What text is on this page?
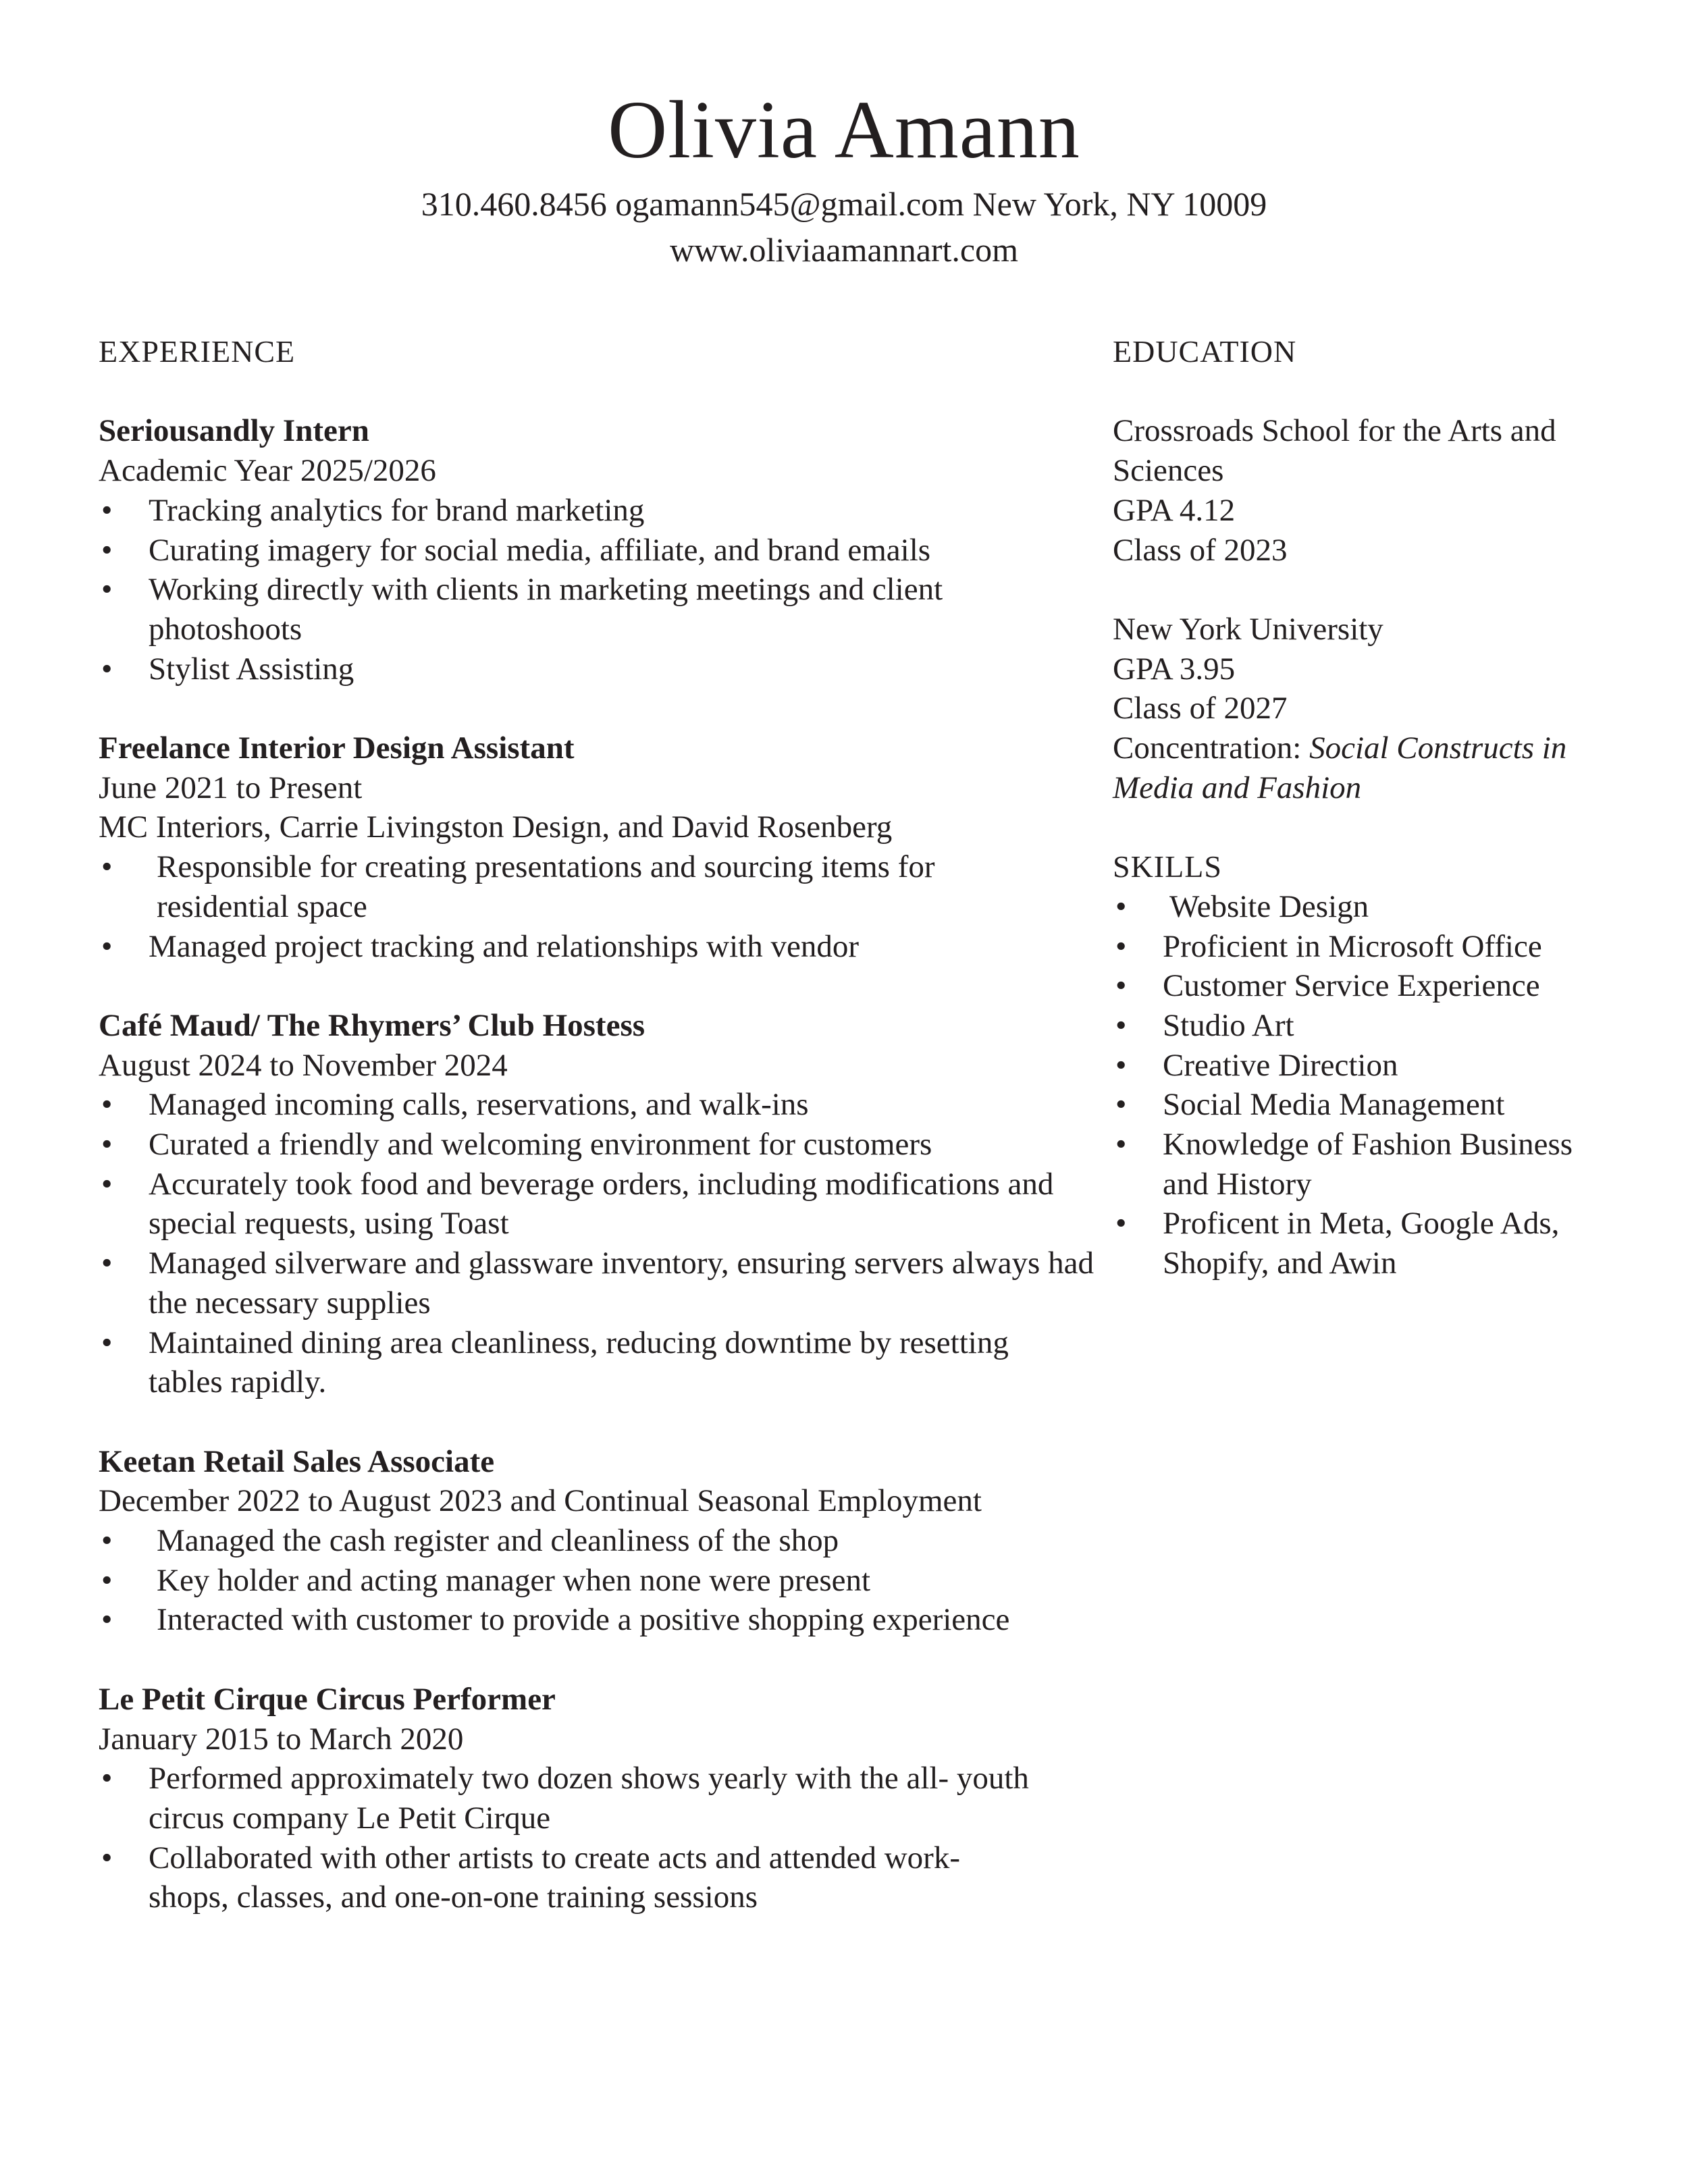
Olivia Amann

310.460.8456 ogamann545@gmail.com New York, NY 10009

www.oliviaamannart.com

EXPERIENCE

Seriousandly Intern

Academic Year 2025/2026

• Tracking analytics for brand marketing
• Curating imagery for social media, affiliate, and brand emails
• Working directly with clients in marketing meetings and client photoshoots
• Stylist Assisting

Freelance Interior Design Assistant

June 2021 to Present

MC Interiors, Carrie Livingston Design, and David Rosenberg

• Responsible for creating presentations and sourcing items for residential space
• Managed project tracking and relationships with vendor

Café Maud/ The Rhymers’ Club Hostess

August 2024 to November 2024

• Managed incoming calls, reservations, and walk-ins
• Curated a friendly and welcoming environment for customers
• Accurately took food and beverage orders, including modifications and special requests, using Toast
• Managed silverware and glassware inventory, ensuring servers always had the necessary supplies
• Maintained dining area cleanliness, reducing downtime by resetting tables rapidly.

Keetan Retail Sales Associate

December 2022 to August 2023 and Continual Seasonal Employment

• Managed the cash register and cleanliness of the shop
• Key holder and acting manager when none were present
• Interacted with customer to provide a positive shopping experience

Le Petit Cirque Circus Performer

January 2015 to March 2020

• Performed approximately two dozen shows yearly with the all- youth circus company Le Petit Cirque
• Collaborated with other artists to create acts and attended work-shops, classes, and one-on-one training sessions
EDUCATION

Crossroads School for the Arts and Sciences

GPA 4.12

Class of 2023

New York University

GPA 3.95

Class of 2027

Concentration: Social Constructs in Media and Fashion

SKILLS
• Website Design
• Proficient in Microsoft Office
• Customer Service Experience
• Studio Art
• Creative Direction
• Social Media Management
• Knowledge of Fashion Business and History
• Proficent in Meta, Google Ads, Shopify, and Awin
